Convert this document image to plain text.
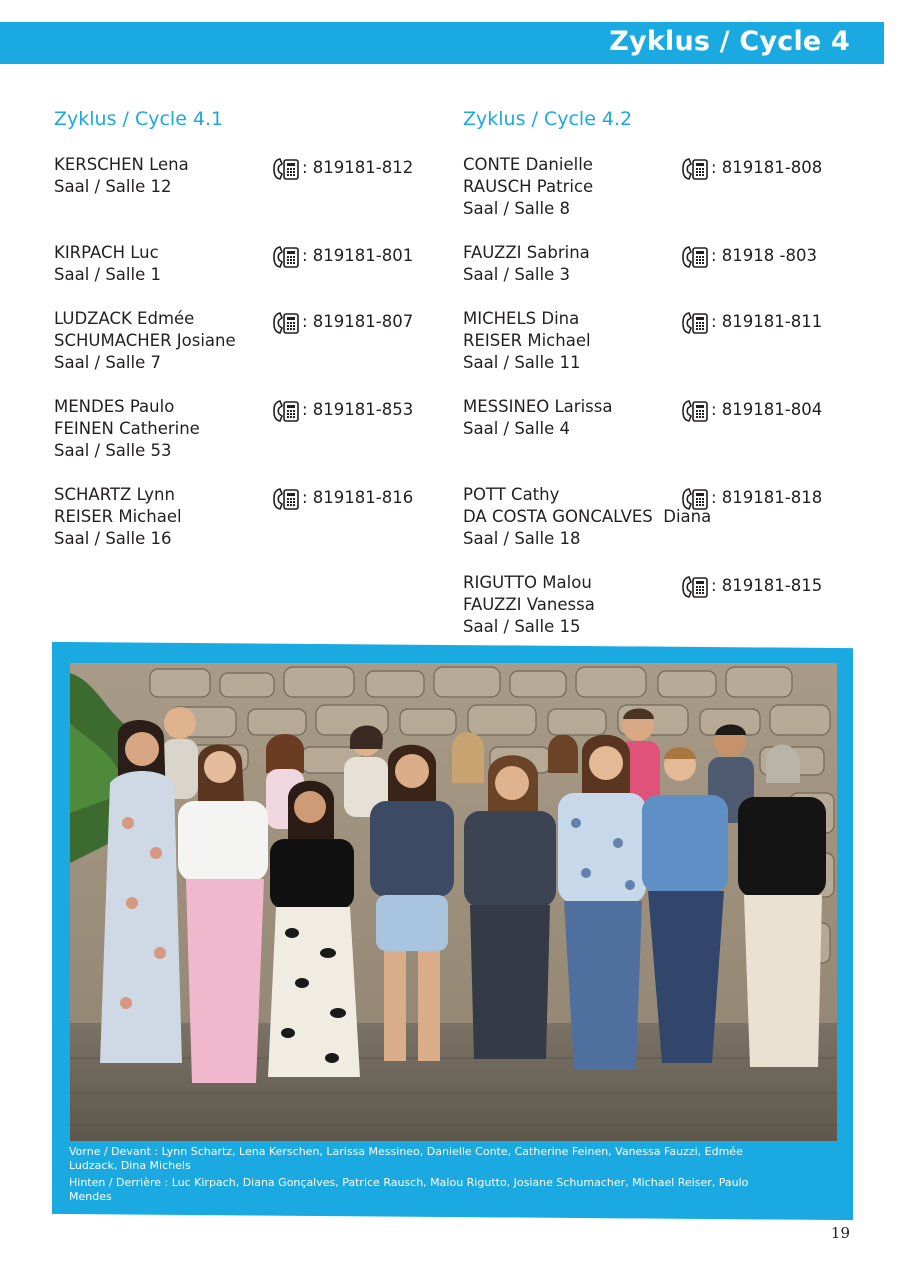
Zyklus / Cycle 4
Zyklus / Cycle 4.1
KERSCHEN Lena
Saal / Salle 12
: 819181-812
KIRPACH Luc
Saal / Salle 1
: 819181-801
LUDZACK Edmée
SCHUMACHER Josiane
Saal / Salle 7
: 819181-807
MENDES Paulo
FEINEN Catherine
Saal / Salle 53
: 819181-853
SCHARTZ Lynn
REISER Michael
Saal / Salle 16
: 819181-816
Zyklus / Cycle 4.2
CONTE Danielle
RAUSCH Patrice
Saal / Salle 8
: 819181-808
FAUZZI Sabrina
Saal / Salle 3
: 81918 -803
MICHELS Dina
REISER Michael
Saal / Salle 11
: 819181-811
MESSINEO Larissa
Saal / Salle 4
: 819181-804
POTT Cathy
DA COSTA GONCALVES  Diana
Saal / Salle 18
: 819181-818
RIGUTTO Malou
FAUZZI Vanessa
Saal / Salle 15
: 819181-815

Vorne / Devant : Lynn Schartz, Lena Kerschen, Larissa Messineo, Danielle Conte, Catherine Feinen, Vanessa Fauzzi, Edmée Ludzack, Dina Michels

Hinten / Derrière : Luc Kirpach, Diana Gonçalves, Patrice Rausch, Malou Rigutto, Josiane Schumacher, Michael Reiser, Paulo Mendes

19
